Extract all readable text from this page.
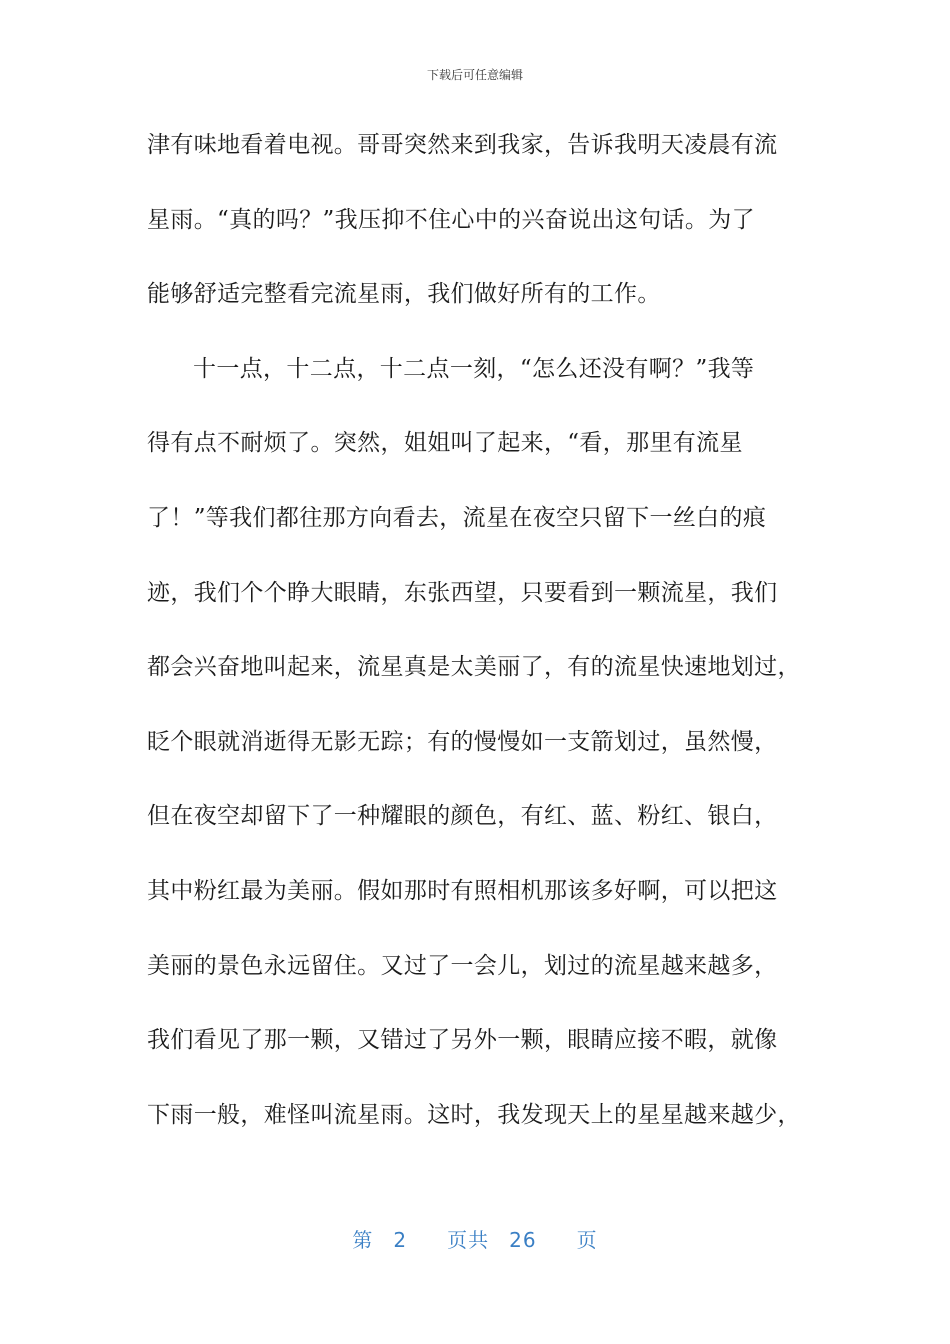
下载后可任意编辑
津有味地看着电视。哥哥突然来到我家，告诉我明天凌晨有流
星雨。“真的吗？”我压抑不住心中的兴奋说出这句话。为了
能够舒适完整看完流星雨，我们做好所有的工作。
十一点，十二点，十二点一刻，“怎么还没有啊？”我等
得有点不耐烦了。突然，姐姐叫了起来，“看，那里有流星
了！”等我们都往那方向看去，流星在夜空只留下一丝白的痕
迹，我们个个睁大眼睛，东张西望，只要看到一颗流星，我们
都会兴奋地叫起来，流星真是太美丽了，有的流星快速地划过，
眨个眼就消逝得无影无踪；有的慢慢如一支箭划过，虽然慢，
但在夜空却留下了一种耀眼的颜色，有红、蓝、粉红、银白，
其中粉红最为美丽。假如那时有照相机那该多好啊，可以把这
美丽的景色永远留住。又过了一会儿，划过的流星越来越多，
我们看见了那一颗，又错过了另外一颗，眼睛应接不暇，就像
下雨一般，难怪叫流星雨。这时，我发现天上的星星越来越少，
第 2 页共 26 页
